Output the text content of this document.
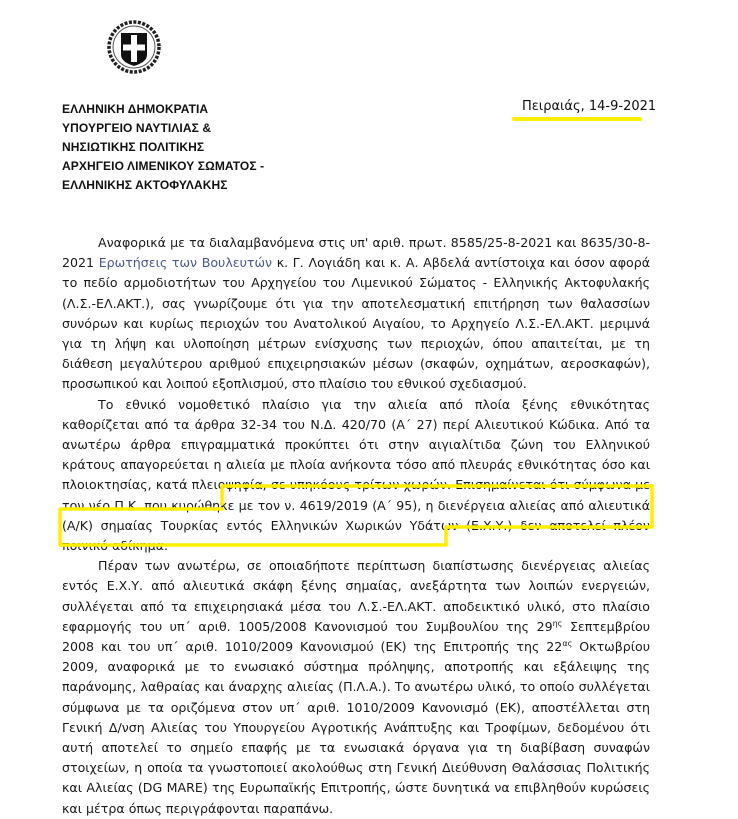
ΕΛΛΗΝΙΚΗ ΔΗΜΟΚΡΑΤΙΑ
ΥΠΟΥΡΓΕΙΟ ΝΑΥΤΙΛΙΑΣ &
ΝΗΣΙΩΤΙΚΗΣ ΠΟΛΙΤΙΚΗΣ
ΑΡΧΗΓΕΙΟ ΛΙΜΕΝΙΚΟΥ ΣΩΜΑΤΟΣ -
ΕΛΛΗΝΙΚΗΣ ΑΚΤΟΦΥΛΑΚΗΣ
Πειραιάς, 14-9-2021

Αναφορικά με τα διαλαμβανόμενα στις υπ' αριθ. πρωτ. 8585/25-8-2021 και 8635/30-8-2021 Ερωτήσεις των Βουλευτών κ. Γ. Λογιάδη και κ. Α. Αβδελά αντίστοιχα και όσον αφορά το πεδίο αρμοδιοτήτων του Αρχηγείου του Λιμενικού Σώματος - Ελληνικής Ακτοφυλακής (Λ.Σ.-ΕΛ.ΑΚΤ.), σας γνωρίζουμε ότι για την αποτελεσματική επιτήρηση των θαλασσίων συνόρων και κυρίως περιοχών του Ανατολικού Αιγαίου, το Αρχηγείο Λ.Σ.-ΕΛ.ΑΚΤ. μεριμνά για τη λήψη και υλοποίηση μέτρων ενίσχυσης των περιοχών, όπου απαιτείται, με τη διάθεση μεγαλύτερου αριθμού επιχειρησιακών μέσων (σκαφών, οχημάτων, αεροσκαφών), προσωπικού και λοιπού εξοπλισμού, στο πλαίσιο του εθνικού σχεδιασμού.

Το εθνικό νομοθετικό πλαίσιο για την αλιεία από πλοία ξένης εθνικότητας καθορίζεται από τα άρθρα 32-34 του Ν.Δ. 420/70 (Α΄ 27) περί Αλιευτικού Κώδικα. Από τα ανωτέρω άρθρα επιγραμματικά προκύπτει ότι στην αιγιαλίτιδα ζώνη του Ελληνικού κράτους απαγορεύεται η αλιεία με πλοία ανήκοντα τόσο από πλευράς εθνικότητας όσο και πλοιοκτησίας, κατά πλειοψηφία, σε υπηκόους τρίτων χωρών. Επισημαίνεται ότι σύμφωνα με τον νέο Π.Κ. που κυρώθηκε με τον ν. 4619/2019 (Α΄ 95), η διενέργεια αλιείας από αλιευτικά (Α/Κ) σημαίας Τουρκίας εντός Ελληνικών Χωρικών Υδάτων (Ε.Χ.Υ.) δεν αποτελεί πλέον ποινικό αδίκημα.

Πέραν των ανωτέρω, σε οποιαδήποτε περίπτωση διαπίστωσης διενέργειας αλιείας εντός Ε.Χ.Υ. από αλιευτικά σκάφη ξένης σημαίας, ανεξάρτητα των λοιπών ενεργειών, συλλέγεται από τα επιχειρησιακά μέσα του Λ.Σ.-ΕΛ.ΑΚΤ. αποδεικτικό υλικό, στο πλαίσιο εφαρμογής του υπ΄ αριθ. 1005/2008 Κανονισμού του Συμβουλίου της $29^{\eta\varsigma}$ Σεπτεμβρίου 2008 και του υπ΄ αριθ. 1010/2009 Κανονισμού (ΕΚ) της Επιτροπής της $22^{\alpha\varsigma}$ Οκτωβρίου 2009, αναφορικά με το ενωσιακό σύστημα πρόληψης, αποτροπής και εξάλειψης της παράνομης, λαθραίας και άναρχης αλιείας (Π.Λ.Α.). Το ανωτέρω υλικό, το οποίο συλλέγεται σύμφωνα με τα οριζόμενα στον υπ΄ αριθ. 1010/2009 Κανονισμό (ΕΚ), αποστέλλεται στη Γενική Δ/νση Αλιείας του Υπουργείου Αγροτικής Ανάπτυξης και Τροφίμων, δεδομένου ότι αυτή αποτελεί το σημείο επαφής με τα ενωσιακά όργανα για τη διαβίβαση συναφών στοιχείων, η οποία τα γνωστοποιεί ακολούθως στη Γενική Διεύθυνση Θαλάσσιας Πολιτικής και Αλιείας (DG MARE) της Ευρωπαϊκής Επιτροπής, ώστε δυνητικά να επιβληθούν κυρώσεις και μέτρα όπως περιγράφονται παραπάνω.
